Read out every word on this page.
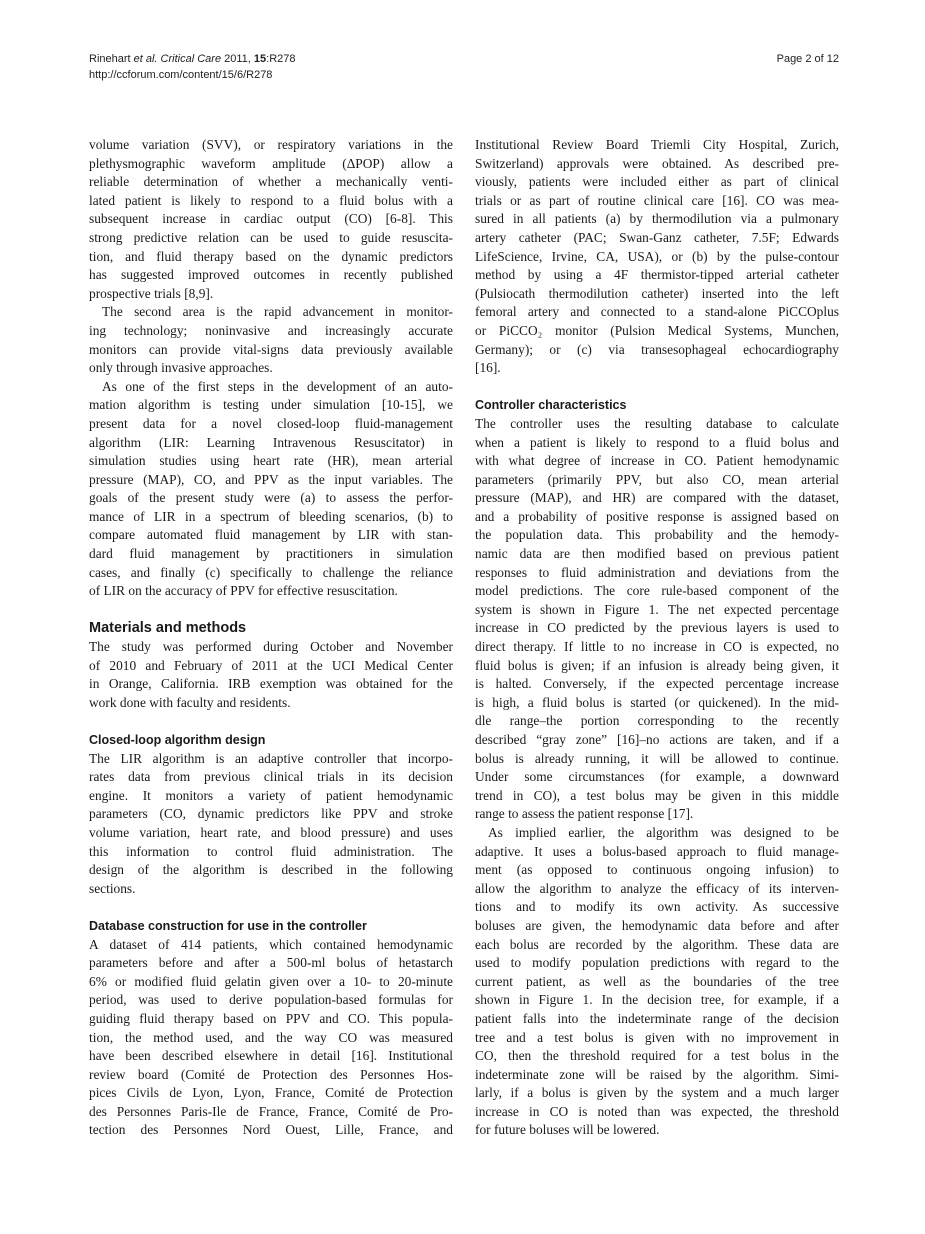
Rinehart et al. Critical Care 2011, 15:R278
http://ccforum.com/content/15/6/R278
Page 2 of 12
volume variation (SVV), or respiratory variations in the
plethysmographic waveform amplitude (ΔPOP) allow a
reliable determination of whether a mechanically venti-
lated patient is likely to respond to a fluid bolus with a
subsequent increase in cardiac output (CO) [6-8]. This
strong predictive relation can be used to guide resuscita-
tion, and fluid therapy based on the dynamic predictors
has suggested improved outcomes in recently published
prospective trials [8,9].
The second area is the rapid advancement in monitor-
ing technology; noninvasive and increasingly accurate
monitors can provide vital-signs data previously available
only through invasive approaches.
As one of the first steps in the development of an auto-
mation algorithm is testing under simulation [10-15], we
present data for a novel closed-loop fluid-management
algorithm (LIR: Learning Intravenous Resuscitator) in
simulation studies using heart rate (HR), mean arterial
pressure (MAP), CO, and PPV as the input variables. The
goals of the present study were (a) to assess the perfor-
mance of LIR in a spectrum of bleeding scenarios, (b) to
compare automated fluid management by LIR with stan-
dard fluid management by practitioners in simulation
cases, and finally (c) specifically to challenge the reliance
of LIR on the accuracy of PPV for effective resuscitation.
Materials and methods
The study was performed during October and November
of 2010 and February of 2011 at the UCI Medical Center
in Orange, California. IRB exemption was obtained for the
work done with faculty and residents.
Closed-loop algorithm design
The LIR algorithm is an adaptive controller that incorpo-
rates data from previous clinical trials in its decision
engine. It monitors a variety of patient hemodynamic
parameters (CO, dynamic predictors like PPV and stroke
volume variation, heart rate, and blood pressure) and uses
this information to control fluid administration. The
design of the algorithm is described in the following
sections.
Database construction for use in the controller
A dataset of 414 patients, which contained hemodynamic
parameters before and after a 500-ml bolus of hetastarch
6% or modified fluid gelatin given over a 10- to 20-minute
period, was used to derive population-based formulas for
guiding fluid therapy based on PPV and CO. This popula-
tion, the method used, and the way CO was measured
have been described elsewhere in detail [16]. Institutional
review board (Comité de Protection des Personnes Hos-
pices Civils de Lyon, Lyon, France, Comité de Protection
des Personnes Paris-Ile de France, France, Comité de Pro-
tection des Personnes Nord Ouest, Lille, France, and
Institutional Review Board Triemli City Hospital, Zurich,
Switzerland) approvals were obtained. As described pre-
viously, patients were included either as part of clinical
trials or as part of routine clinical care [16]. CO was mea-
sured in all patients (a) by thermodilution via a pulmonary
artery catheter (PAC; Swan-Ganz catheter, 7.5F; Edwards
LifeScience, Irvine, CA, USA), or (b) by the pulse-contour
method by using a 4F thermistor-tipped arterial catheter
(Pulsiocath thermodilution catheter) inserted into the left
femoral artery and connected to a stand-alone PiCCOplus
or PiCCO₂ monitor (Pulsion Medical Systems, Munchen,
Germany); or (c) via transesophageal echocardiography
[16].
Controller characteristics
The controller uses the resulting database to calculate
when a patient is likely to respond to a fluid bolus and
with what degree of increase in CO. Patient hemodynamic
parameters (primarily PPV, but also CO, mean arterial
pressure (MAP), and HR) are compared with the dataset,
and a probability of positive response is assigned based on
the population data. This probability and the hemody-
namic data are then modified based on previous patient
responses to fluid administration and deviations from the
model predictions. The core rule-based component of the
system is shown in Figure 1. The net expected percentage
increase in CO predicted by the previous layers is used to
direct therapy. If little to no increase in CO is expected, no
fluid bolus is given; if an infusion is already being given, it
is halted. Conversely, if the expected percentage increase
is high, a fluid bolus is started (or quickened). In the mid-
dle range–the portion corresponding to the recently
described “gray zone” [16]–no actions are taken, and if a
bolus is already running, it will be allowed to continue.
Under some circumstances (for example, a downward
trend in CO), a test bolus may be given in this middle
range to assess the patient response [17].
As implied earlier, the algorithm was designed to be
adaptive. It uses a bolus-based approach to fluid manage-
ment (as opposed to continuous ongoing infusion) to
allow the algorithm to analyze the efficacy of its interven-
tions and to modify its own activity. As successive
boluses are given, the hemodynamic data before and after
each bolus are recorded by the algorithm. These data are
used to modify population predictions with regard to the
current patient, as well as the boundaries of the tree
shown in Figure 1. In the decision tree, for example, if a
patient falls into the indeterminate range of the decision
tree and a test bolus is given with no improvement in
CO, then the threshold required for a test bolus in the
indeterminate zone will be raised by the algorithm. Simi-
larly, if a bolus is given by the system and a much larger
increase in CO is noted than was expected, the threshold
for future boluses will be lowered.
